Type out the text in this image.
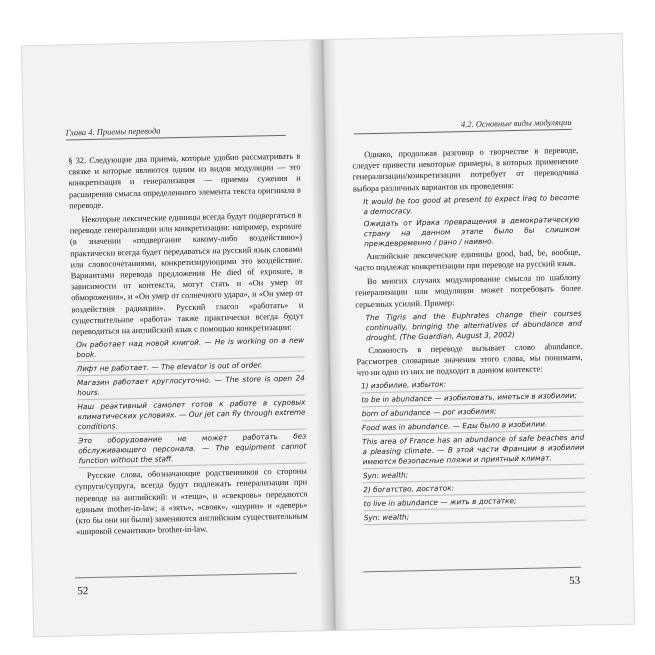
Глава 4. Приемы перевода

§ 32. Следующие два приема, которые удобно рассматривать в связке и которые являются одним из видов модуляции — это конкретизация и генерализация — приемы сужения и расширения смысла определенного элемента текста оригинала в переводе.

Некоторые лексические единицы всегда будут подвергаться в переводе генерализации или конкретизации: например, exposure (в значении «подвергание какому-либо воздействию») практически всегда будет передаваться на русский язык словами или словосочетаниями, конкретизирующими это воздействие. Вариантами перевода предложения He died of exposure, в зависимости от контекста, могут стать и «Он умер от обморожения», и «Он умер от солнечного удара», и «Он умер от воздействия радиации». Русский глагол «работать» и существительное «работа» также практически всегда будут переводиться на английский язык с помощью конкретизации:

Он работает над новой книгой. — He is working on a new book.

Лифт не работает. — The elevator is out of order.

Магазин работает круглосуточно. — The store is open 24 hours.

Наш реактивный самолет готов к работе в суровых климатических условиях. — Our jet can fly through extreme conditions.

Это оборудование не может работать без обслуживающего персонала. — The equipment cannot function without the staff.

Русские слова, обозначающие родственников со стороны супруги/супруга, всегда будут подлежать генерализации при переводе на английский: и «теща», и «свекровь» передаются единым mother-in-law; а «зять», «свояк», «шурин» и «деверь» (кто бы они ни были) заменяются английским существительным «широкой семантики» brother-in-law.

52
4.2. Основные виды модуляции

Однако, продолжая разговор о творчестве в переводе, следует привести некоторые примеры, в которых применение генерализации/конкретизации потребует от переводчика выбора различных вариантов их проведения:

It would be too good at present to expect Iraq to become a democracy.

Ожидать от Ирака превращения в демократическую страну на данном этапе было бы слишком преждевременно / рано / наивно.

Английские лексические единицы good, bad, be, вообще, часто подлежат конкретизации при переводе на русский язык.

Во многих случаях модулирование смысла по шаблону генерализации или модуляции может потребовать более серьезных усилий. Пример:

The Tigris and the Euphrates change their courses continually, bringing the alternatives of abundance and drought. (The Guardian, August 3, 2002)

Сложность в переводе вызывает слово abundance. Рассмотрев словарные значения этого слова, мы понимаем, что ни одно из них не подходит в данном контексте:

1) изобилие, избыток:

to be in abundance — изобиловать, иметься в изобилии;

born of abundance — рог изобилия;

Food was in abundance. — Еды было в изобилии.

This area of France has an abundance of safe beaches and a pleasing climate. — В этой части Франции в изобилии имеются безопасные пляжи и приятный климат.

Syn: wealth;

2) богатство, достаток:

to live in abundance — жить в достатке;

Syn: wealth;

53
